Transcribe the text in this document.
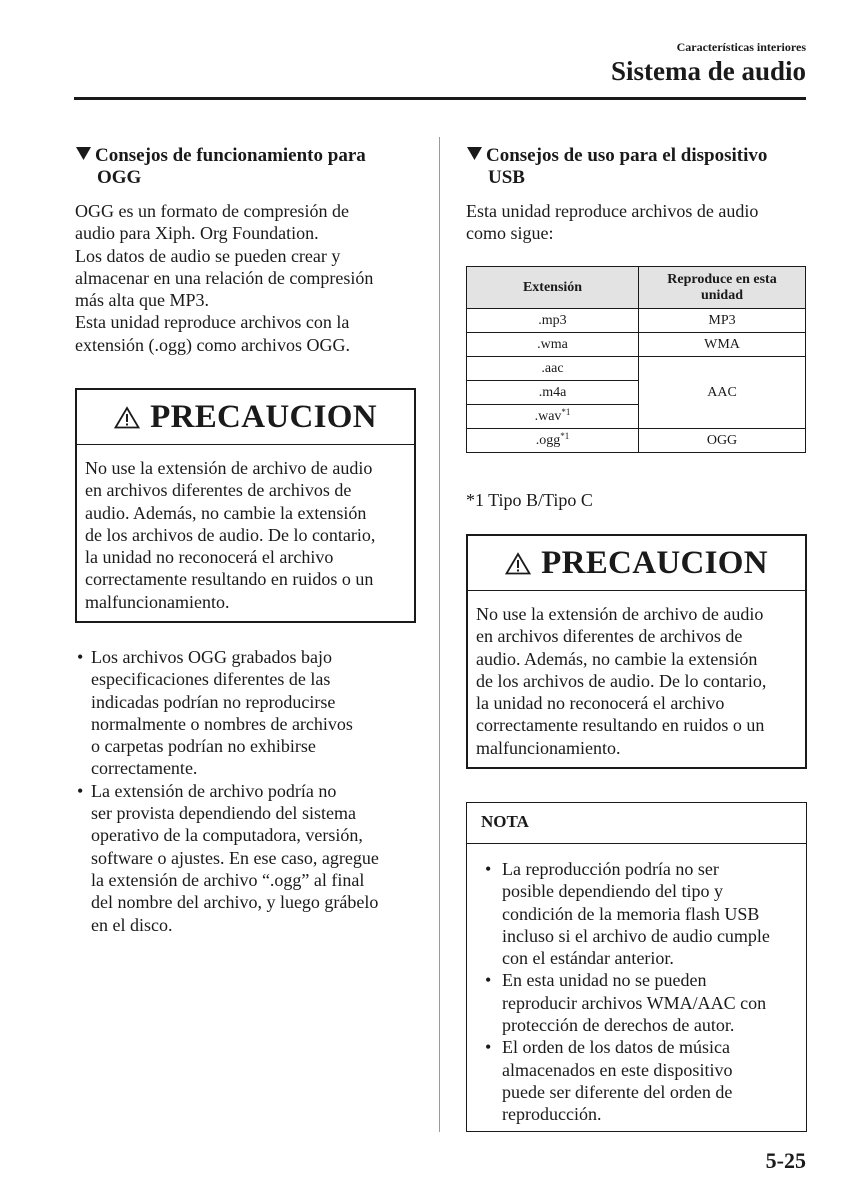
Características interiores
Sistema de audio
Consejos de funcionamiento para
OGG

OGG es un formato de compresión de

audio para Xiph. Org Foundation.

Los datos de audio se pueden crear y

almacenar en una relación de compresión

más alta que MP3.

Esta unidad reproduce archivos con la

extensión (.ogg) como archivos OGG.

PRECAUCION
No use la extensión de archivo de audio
en archivos diferentes de archivos de
audio. Además, no cambie la extensión
de los archivos de audio. De lo contario,
la unidad no reconocerá el archivo
correctamente resultando en ruidos o un
malfuncionamiento.
• Los archivos OGG grabados bajo
especificaciones diferentes de las
indicadas podrían no reproducirse
normalmente o nombres de archivos
o carpetas podrían no exhibirse
correctamente.
• La extensión de archivo podría no
ser provista dependiendo del sistema
operativo de la computadora, versión,
software o ajustes. En ese caso, agregue
la extensión de archivo “.ogg” al final
del nombre del archivo, y luego grábelo
en el disco.
Consejos de uso para el dispositivo
USB

Esta unidad reproduce archivos de audio

como sigue:

Extensión	Reproduce en esta unidad

.mp3	MP3
.wma	WMA
.aac	AAC
.m4a	
.wav$^{*1}$
.ogg$^{*1}$	OGG
*1 Tipo B/Tipo C
PRECAUCION
No use la extensión de archivo de audio
en archivos diferentes de archivos de
audio. Además, no cambie la extensión
de los archivos de audio. De lo contario,
la unidad no reconocerá el archivo
correctamente resultando en ruidos o un
malfuncionamiento.
NOTA
• La reproducción podría no ser
posible dependiendo del tipo y
condición de la memoria flash USB
incluso si el archivo de audio cumple
con el estándar anterior.
• En esta unidad no se pueden
reproducir archivos WMA/AAC con
protección de derechos de autor.
• El orden de los datos de música
almacenados en este dispositivo
puede ser diferente del orden de
reproducción.
5-25
